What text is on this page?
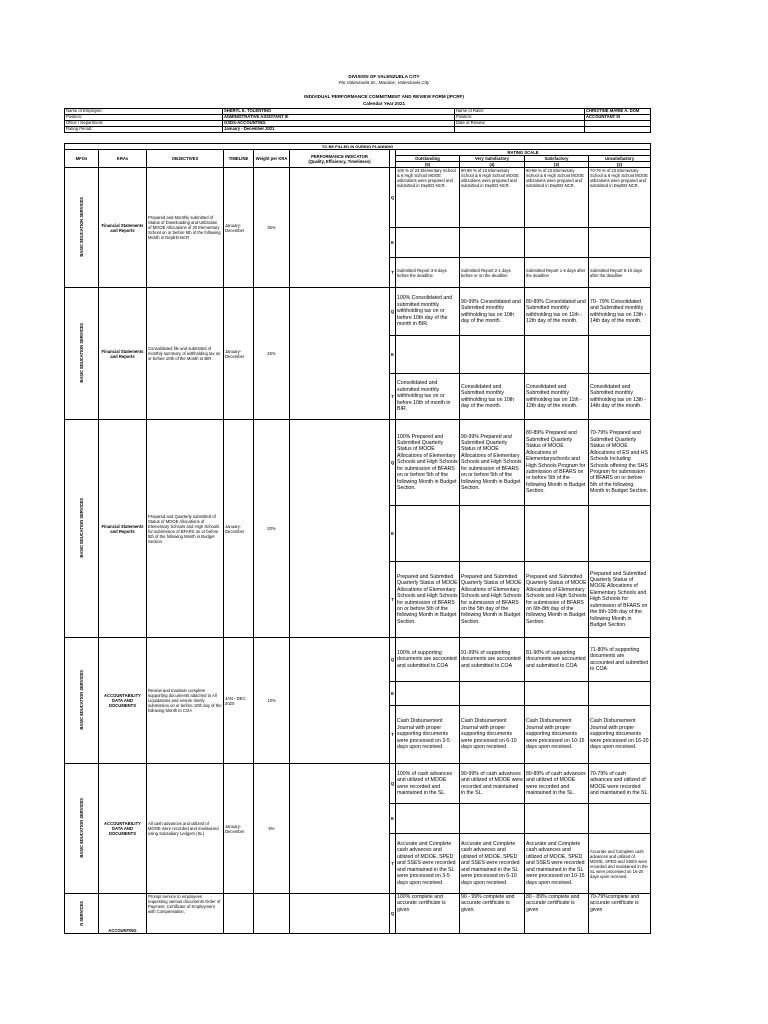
DIVISION OF VALENZUELA CITY
Pio Valenzuela St., Marulas, Valenzuela City
INDIVIDUAL PERFORMANCE COMMITMENT AND REVIEW FORM (IPCRF)
Calendar Year 2021
Name of Employee:	SHERYL E. TOLENTINO	Name of Rater:	CHRISTINE MARIE A. DOM
Position:	ADMINISTRATIVE ASSISTANT III	Position:	ACCOUNTANT III
Office / Department:	OSDS-ACCOUNTING	Date of Review:	
Rating Period:	January - December 2021		
TO BE FILLED IN DURING PLANNING										
MFOs	KRAs	OBJECTIVES	TIMELINE	Weight per KRA	PERFORMANCE INDICATOR
(Quality, Efficiency, Timeliness)		RATING SCALE			
							Outstanding	Very Satisfactory	Satisfactory	Unsatisfactory
							(5)	(4)	(3)	(2)
BASIC EDUCATION SERVICES	Financial Statements and Reports	Prepared and Monthly submitted of Status of Downloading and Utilization of MOOE Allocations of 20 Elementary School on or before 5th of the following Month in DepED-NCR	January-December	35%		Q	100 % of 23 Elementary School & 6 High School MOOE utilizations were prepared and submitted in DepED-NCR.	90-99 % of 23 Elementary School & 6 High School MOOE utilizations were prepared and submitted in DepED-NCR.	80-88 % of 23 Elementary School & 6 High School MOOE utilizations were prepared and submitted in DepED-NCR.	70-79 % of 23 Elementary School & 6 High School MOOE utilizations were prepared and submitted in DepED-NCR.
						E				
						T	Submitted Report 3-5 days before the deadline	Submitted Report 2-1 days before or on the deadline	Submitted Report 1-5 days after the deadline	Submitted Report 6-10 days after the deadline
BASIC EDUCATION SERVICES	Financial Statements and Reports	Consolidated file and submitted of monthly summary of withholding tax on or before 10th of the Month to BIR.	January-December	25%		Q	100% Consolidated and submitted monthly withholding tax on or before 10th day of the month in BIR.	90-99% Consolidated and Submitted monthly withholding tax on 10th day of the month.	80-89% Consolidated and Submitted monthly withholding tax on 11th - 12th day of the month.	70- 79% Consolidated and Submitted monthly withholding tax on 13th - 14th day of the month.
						E				
						T	Consolidated and submitted monthly withholding tax on or before 10th of month in BIR.	Consolidated and Submitted monthly withholding tax on 10th day of the month.	Consolidated and Submitted monthly withholding tax on 11th - 12th day of the month.	Consolidated and Submitted monthly withholding tax on 13th - 14th day of the month.
BASIC EDUCATION SERVICES	Financial Statements and Reports	Prepared and Quarterly submitted of Status of MOOE Allocations of Elementary Schools and High Schools for submission of BFARS on or before 5th of the following Month in Budget Section.	January-December	20%		Q	100% Prepared and Submitted Quarterly Status of MOOE Allocations of Elementary Schools and High Schools for submission of BFARS on or before 5th of the following Month in Budget Section.	90-99% Prepared and Submitted Quarterly Status of MOOE Allocations of Elementary Schools and High Schools for submission of BFARS on or before 5th of the following Month in Budget Section.	80-89% Prepared and Submitted Quarterly Status of MOOE Allocations of Elementaryschools and High Schools Program for submission of BFARS on or before 5th of the following Month in Budget Section.	70-79% Prepared and Submitted Quarterly Status of MOOE Allocations of ES and HS Schools Including Schools offering the SHS Program for submission of BFARS on or before 5th of the following Month in Budget Section.
						E				
						T	Prepared and Submitted Quarterly Status of MOOE Allocations of Elementary Schools and High Schools for submission of BFARS on or before 5th of the following Month in Budget Section.	Prepared and Submitted Quarterly Status of MOOE Allocations of Elementary Schools and High Schools for submission of BFARS on the 5th day of the following Month in Budget Section.	Prepared and Submitted Quarterly Status of MOOE Allocations of Elementary Schools and High Schools for submission of BFARS on 6th-8th day of the following Month in Budget Section.	Prepared and Submitted Quarterly Status of MOOE Allocations of Elementary Schools and High Schools for submission of BFARS on the 9th-10th day of the following Month in Budget Section.
BASIC EDUCATION SERVICES	ACCOUNTABILITY DATA AND DOCUMENTS	Review and maintain complete supporting documents attached to All Liquidations and ensure timely submission on or before 10th day of the following Month to COA	JAN - DEC 2020	10%		Q	100% of supporting documents are accounted and submitted to COA	91-99% of supporting documents are accounted and submitted to COA	81-90% of supporting documents are accounted and submitted to COA	71-80% of supporting documents are accounted and submitted to COA
						E				
						T	Cash Disbursement Journal with proper supporting documents were processed on 3-5 days upon received.	Cash Disbursement Journal with proper supporting documents were processed on 6-10 days upon received.	Cash Disbursement Journal with proper supporting documents were processed on 10-15 days upon received.	Cash Disbursement Journal with proper supporting documents were processed on 16-20 days upon received.
BASIC EDUCATION SERVICES	ACCOUNTABILITY DATA AND DOCUMENTS	All cash advances and utilized of MOOE were recorded and maintained using Subsidiary Ledgers (SL)	January-December	5%		Q	100% of cash advances and utilized of MOOE were recorded and maintained in the SL.	90-99% of cash advances and utilized of MOOE were recorded and maintained in the SL.	80-89% of cash advances and utilized of MOOE were recorded and maintained in the SL.	70-79% of cash advances and utilized of MOOE were recorded and maintained in the SL.
						E				
						T	Accurate and Complete cash advances and utilized of MOOE, SPED and SSES were recorded and maintained in the SL were processed on 3-5 days upon received.	Accurate and Complete cash advances and utilized of MOOE, SPED and SSES were recorded and maintained in the SL were processed on 6-10 days upon received.	Accurate and Complete cash advances and utilized of MOOE, SPED and SSES were recorded and maintained in the SL were processed on 10-15 days upon received.	Accurate and Complete cash advances and utilized of MOOE, SPED and SSES were recorded and maintained in the SL were processed on 16-20 days upon received.
N SERVICES	ACCOUNTING	Prompt service to employees requesting various documents Order of Payment, Certificate of Employment with Compensation,				Q	100% complete and accurate certificate is given	90 - 99% complete and accurate certificate is given.	80 - 89% complete and accurate certificate is given	70-79%complete and accurate certificate is given
